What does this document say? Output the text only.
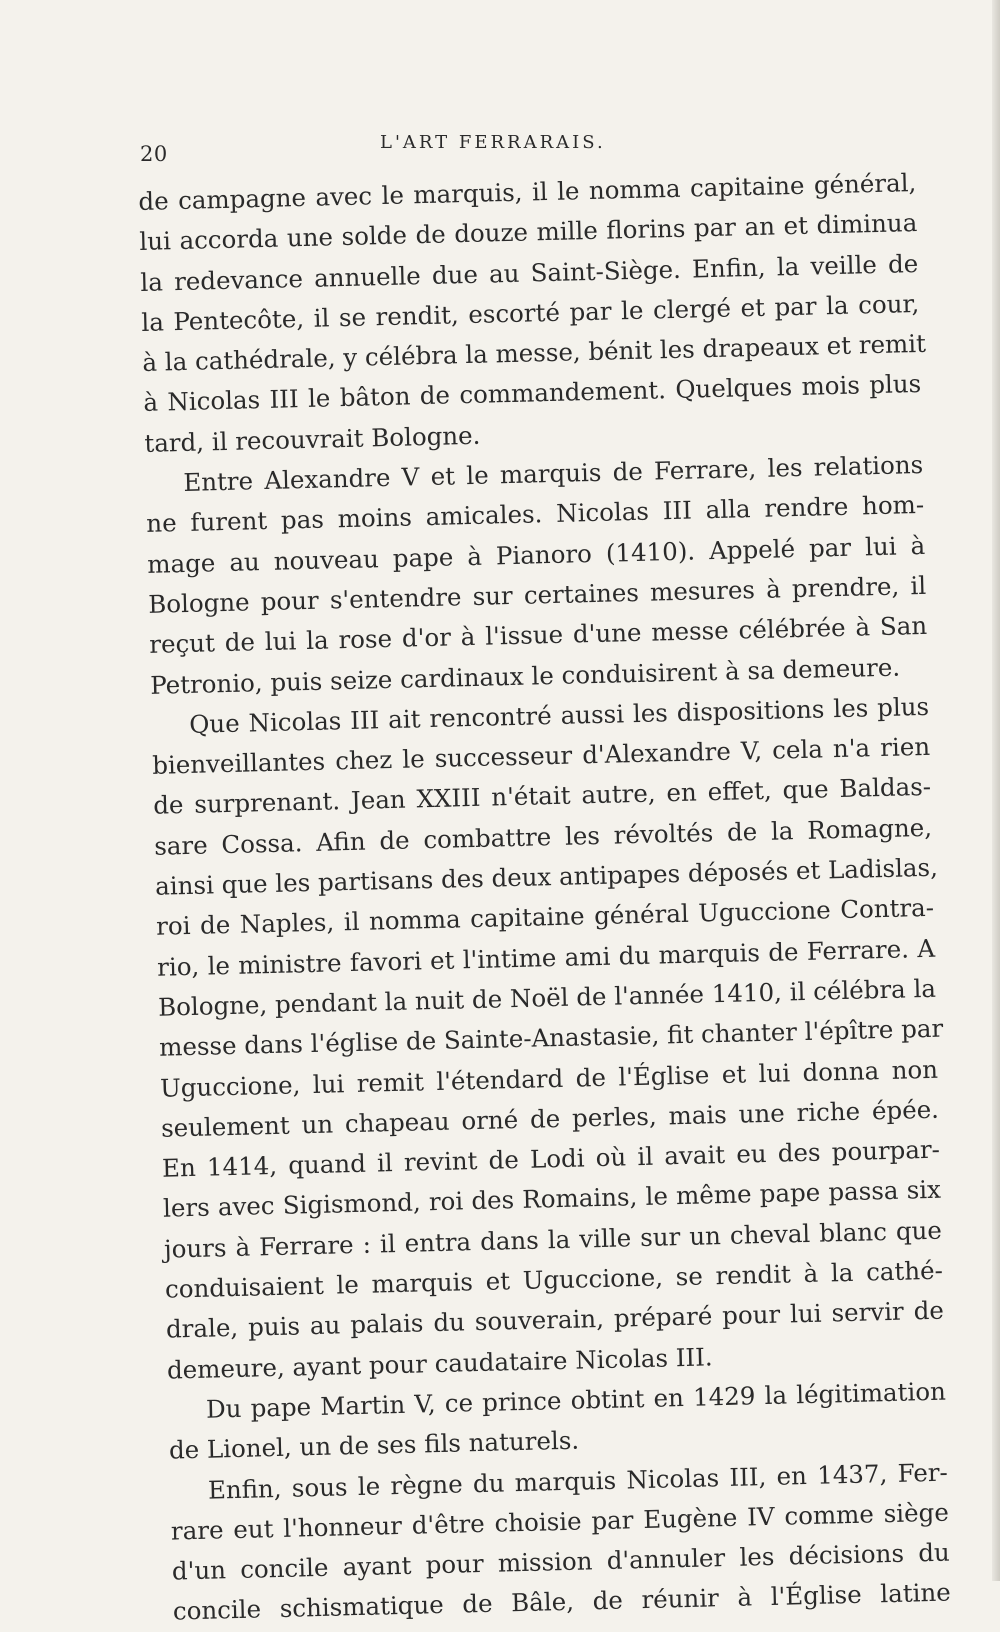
20	L'ART FERRARAIS.

de campagne avec le marquis, il le nomma capitaine général,
lui accorda une solde de douze mille florins par an et diminua
la redevance annuelle due au Saint-Siège. Enfin, la veille de
la Pentecôte, il se rendit, escorté par le clergé et par la cour,
à la cathédrale, y célébra la messe, bénit les drapeaux et remit
à Nicolas III le bâton de commandement. Quelques mois plus
tard, il recouvrait Bologne.

Entre Alexandre V et le marquis de Ferrare, les relations
ne furent pas moins amicales. Nicolas III alla rendre hom-
mage au nouveau pape à Pianoro (1410). Appelé par lui à
Bologne pour s'entendre sur certaines mesures à prendre, il
reçut de lui la rose d'or à l'issue d'une messe célébrée à San
Petronio, puis seize cardinaux le conduisirent à sa demeure.

Que Nicolas III ait rencontré aussi les dispositions les plus
bienveillantes chez le successeur d'Alexandre V, cela n'a rien
de surprenant. Jean XXIII n'était autre, en effet, que Baldas-
sare Cossa. Afin de combattre les révoltés de la Romagne,
ainsi que les partisans des deux antipapes déposés et Ladislas,
roi de Naples, il nomma capitaine général Uguccione Contra-
rio, le ministre favori et l'intime ami du marquis de Ferrare. A
Bologne, pendant la nuit de Noël de l'année 1410, il célébra la
messe dans l'église de Sainte-Anastasie, fit chanter l'épître par
Uguccione, lui remit l'étendard de l'Église et lui donna non
seulement un chapeau orné de perles, mais une riche épée.
En 1414, quand il revint de Lodi où il avait eu des pourpar-
lers avec Sigismond, roi des Romains, le même pape passa six
jours à Ferrare : il entra dans la ville sur un cheval blanc que
conduisaient le marquis et Uguccione, se rendit à la cathé-
drale, puis au palais du souverain, préparé pour lui servir de
demeure, ayant pour caudataire Nicolas III.

Du pape Martin V, ce prince obtint en 1429 la légitimation
de Lionel, un de ses fils naturels.

Enfin, sous le règne du marquis Nicolas III, en 1437, Fer-
rare eut l'honneur d'être choisie par Eugène IV comme siège
d'un concile ayant pour mission d'annuler les décisions du
concile schismatique de Bâle, de réunir à l'Église latine
